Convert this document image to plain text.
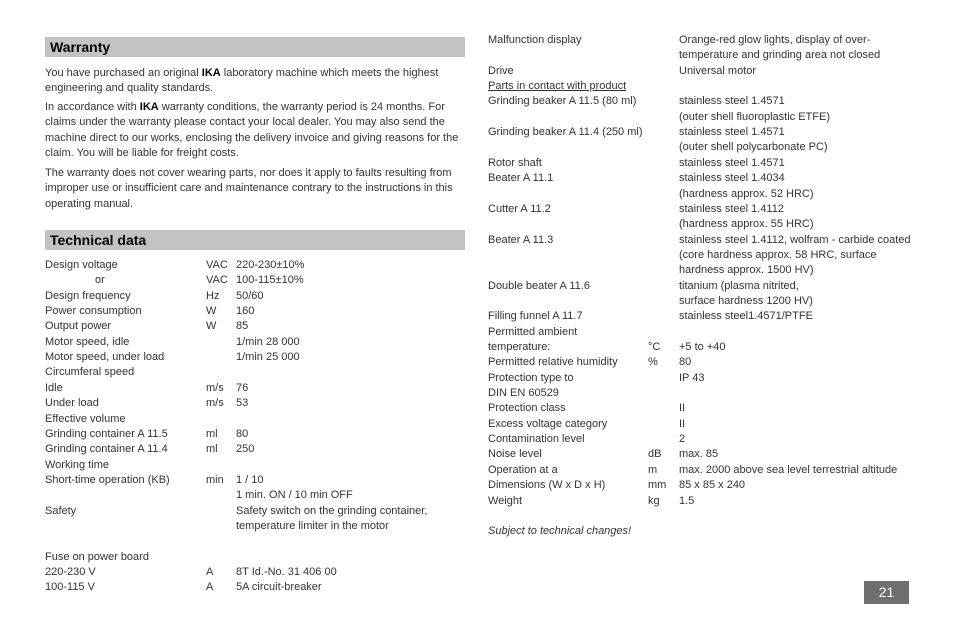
Warranty
You have purchased an original IKA laboratory machine which meets the highest engineering and quality standards.
In accordance with IKA warranty conditions, the warranty period is 24 months. For claims under the warranty please contact your local dealer. You may also send the machine direct to our works, enclosing the delivery invoice and giving reasons for the claim. You will be liable for freight costs.
The warranty does not cover wearing parts, nor does it apply to faults resulting from improper use or insufficient care and maintenance contrary to the instructions in this operating manual.
Technical data
Design voltage	VAC 220-230±10%
or	VAC 100-115±10%
Design frequency	Hz 50/60
Power consumption	W 160
Output power	W 85
Motor speed, idle	1/min 28 000
Motor speed, under load	1/min 25 000
Circumferal speed
Idle	m/s 76
Under load	m/s 53
Effective volume
Grinding container A 11.5	ml 80
Grinding container A 11.4	ml 250
Working time
Short-time operation (KB)	min 1 / 10
1 min. ON / 10 min OFF
Safety	Safety switch on the grinding container,
temperature limiter in the motor
Fuse on power board
220-230 V	A 8T Id.-No. 31 406 00
100-115 V	A 5A circuit-breaker
Malfunction display	Orange-red glow lights, display of over-
temperature and grinding area not closed
Drive	Universal motor
Parts in contact with product
Grinding beaker A 11.5 (80 ml)	stainless steel 1.4571
(outer shell fluoroplastic ETFE)
Grinding beaker A 11.4 (250 ml)	stainless steel 1.4571
(outer shell polycarbonate PC)
Rotor shaft	stainless steel 1.4571
Beater A 11.1	stainless steel 1.4034
(hardness approx. 52 HRC)
Cutter A 11.2	stainless steel 1.4112
(hardness approx. 55 HRC)
Beater A 11.3	stainless steel 1.4112, wolfram - carbide coated
(core hardness approx. 58 HRC, surface
hardness approx. 1500 HV)
Double beater A 11.6	titanium (plasma nitrited,
surface hardness 1200 HV)
Filling funnel A 11.7	stainless steel1.4571/PTFE
Permitted ambient
temperature:	°C +5 to +40
Permitted relative humidity	% 80
Protection type to	IP 43
DIN EN 60529
Protection class	II
Excess voltage category	II
Contamination level	2
Noise level	dB max. 85
Operation at a	m max. 2000 above sea level terrestrial altitude
Dimensions (W x D x H)	mm 85 x 85 x 240
Weight	kg 1.5
Subject to technical changes!
21
